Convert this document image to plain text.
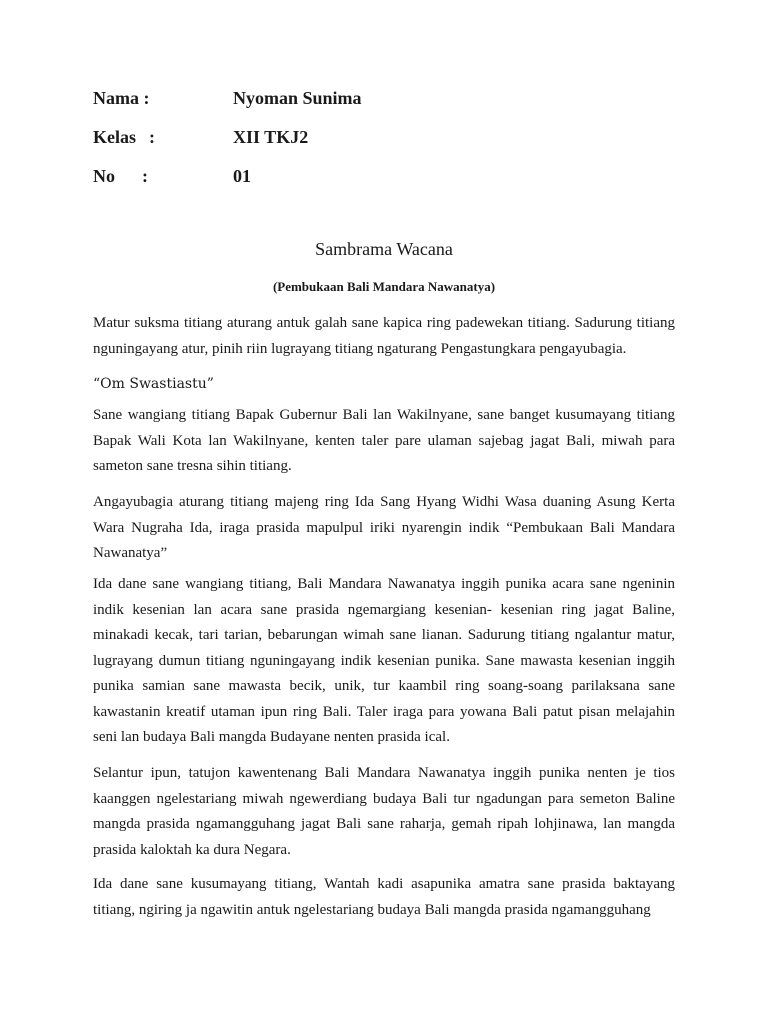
Nama :	Nyoman Sunima
Kelas :	XII TKJ2
No :	01
Sambrama Wacana
(Pembukaan Bali Mandara Nawanatya)

Matur suksma titiang aturang antuk galah sane kapica ring padewekan titiang. Sadurung titiang nguningayang atur, pinih riin lugrayang titiang ngaturang Pengastungkara pengayubagia.

“Om Swastiastu”

Sane wangiang titiang Bapak Gubernur Bali lan Wakilnyane, sane banget kusumayang titiang Bapak Wali Kota lan Wakilnyane, kenten taler pare ulaman sajebag jagat Bali, miwah para sameton sane tresna sihin titiang.

Angayubagia aturang titiang majeng ring Ida Sang Hyang Widhi Wasa duaning Asung Kerta Wara Nugraha Ida, iraga prasida mapulpul iriki nyarengin indik “Pembukaan Bali Mandara Nawanatya”

Ida dane sane wangiang titiang, Bali Mandara Nawanatya inggih punika acara sane ngeninin indik kesenian lan acara sane prasida ngemargiang kesenian- kesenian ring jagat Baline, minakadi kecak, tari tarian, bebarungan wimah sane lianan. Sadurung titiang ngalantur matur, lugrayang dumun titiang nguningayang indik kesenian punika. Sane mawasta kesenian inggih punika samian sane mawasta becik, unik, tur kaambil ring soang-soang parilaksana sane kawastanin kreatif utaman ipun ring Bali. Taler iraga para yowana Bali patut pisan melajahin seni lan budaya Bali mangda Budayane nenten prasida ical.

Selantur ipun, tatujon kawentenang Bali Mandara Nawanatya inggih punika nenten je tios kaanggen ngelestariang miwah ngewerdiang budaya Bali tur ngadungan para semeton Baline mangda prasida ngamangguhang jagat Bali sane raharja, gemah ripah lohjinawa, lan mangda prasida kaloktah ka dura Negara.

Ida dane sane kusumayang titiang, Wantah kadi asapunika amatra sane prasida baktayang titiang, ngiring ja ngawitin antuk ngelestariang budaya Bali mangda prasida ngamangguhang
